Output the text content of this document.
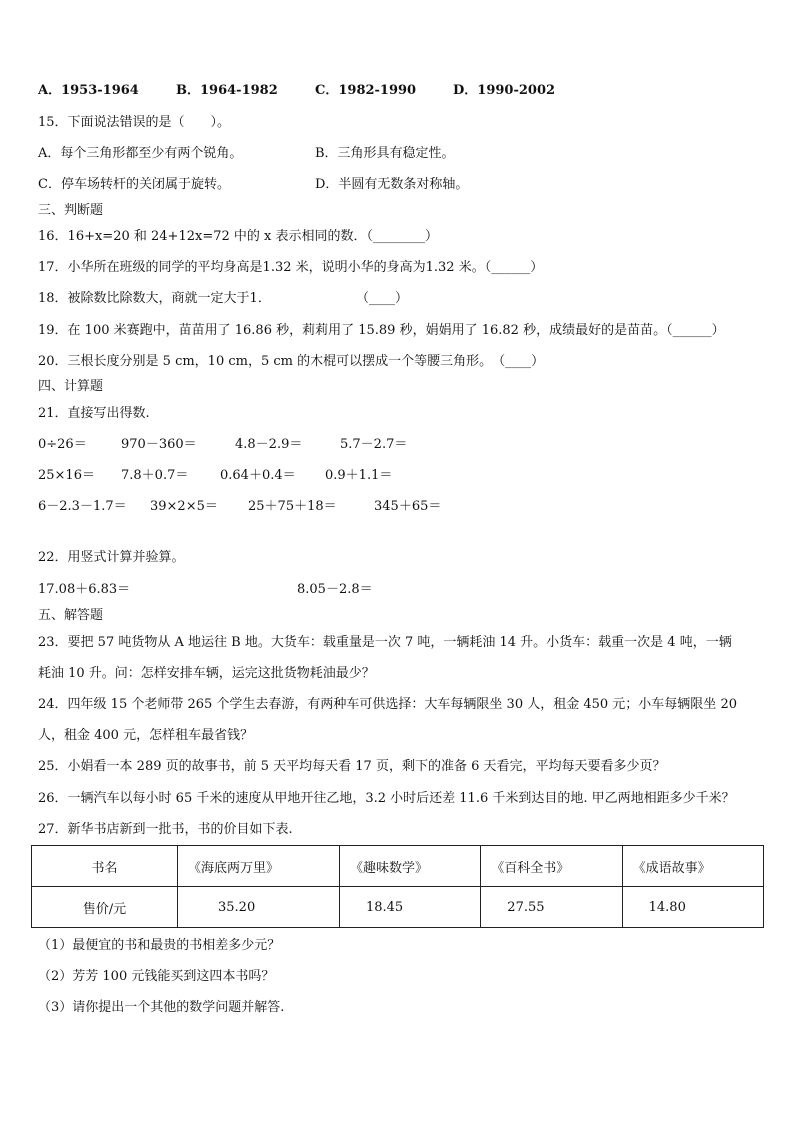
A．1953-1964	B．1964-1982	C．1982-1990	D．1990-2002
15．下面说法错误的是（　　）。
A．每个三角形都至少有两个锐角。	B．三角形具有稳定性。
C．停车场转杆的关闭属于旋转。	D．半圆有无数条对称轴。
三、判断题
16．16+x=20 和 24+12x=72 中的 x 表示相同的数．（________）
17．小华所在班级的同学的平均身高是1.32 米，说明小华的身高为1.32 米。（______）
18．被除数比除数大，商就一定大于1．	（____）
19．在 100 米赛跑中，苗苗用了 16.86 秒，莉莉用了 15.89 秒，娟娟用了 16.82 秒，成绩最好的是苗苗。（______）
20．三根长度分别是 5 cm，10 cm，5 cm 的木棍可以摆成一个等腰三角形。　（____）
四、计算题
21．直接写出得数.
0÷26＝	970－360＝	4.8－2.9＝	5.7－2.7＝
25×16＝ 7.8＋0.7＝ 0.64＋0.4＝ 0.9＋1.1＝
6－2.3－1.7＝ 39×2×5＝ 25＋75＋18＝	345＋65＝
22．用竖式计算并验算。
17.08＋6.83＝	8.05－2.8＝
五、解答题
23．要把 57 吨货物从 A 地运往 B 地。大货车：载重量是一次 7 吨，一辆耗油 14 升。小货车：载重一次是 4 吨，一辆
耗油 10 升。问：怎样安排车辆，运完这批货物耗油最少？
24．四年级 15 个老师带 265 个学生去春游，有两种车可供选择：大车每辆限坐 30 人，租金 450 元；小车每辆限坐 20
人，租金 400 元，怎样租车最省钱？
25．小娟看一本 289 页的故事书，前 5 天平均每天看 17 页，剩下的准备 6 天看完，平均每天要看多少页？
26．一辆汽车以每小时 65 千米的速度从甲地开往乙地，3.2 小时后还差 11.6 千米到达目的地. 甲乙两地相距多少千米？
27．新华书店新到一批书，书的价目如下表.
书名	《海底两万里》	《趣味数学》	《百科全书》	《成语故事》
售价/元	35.20	18.45	27.55	14.80
（1）最便宜的书和最贵的书相差多少元？
（2）芳芳 100 元钱能买到这四本书吗？
（3）请你提出一个其他的数学问题并解答.
